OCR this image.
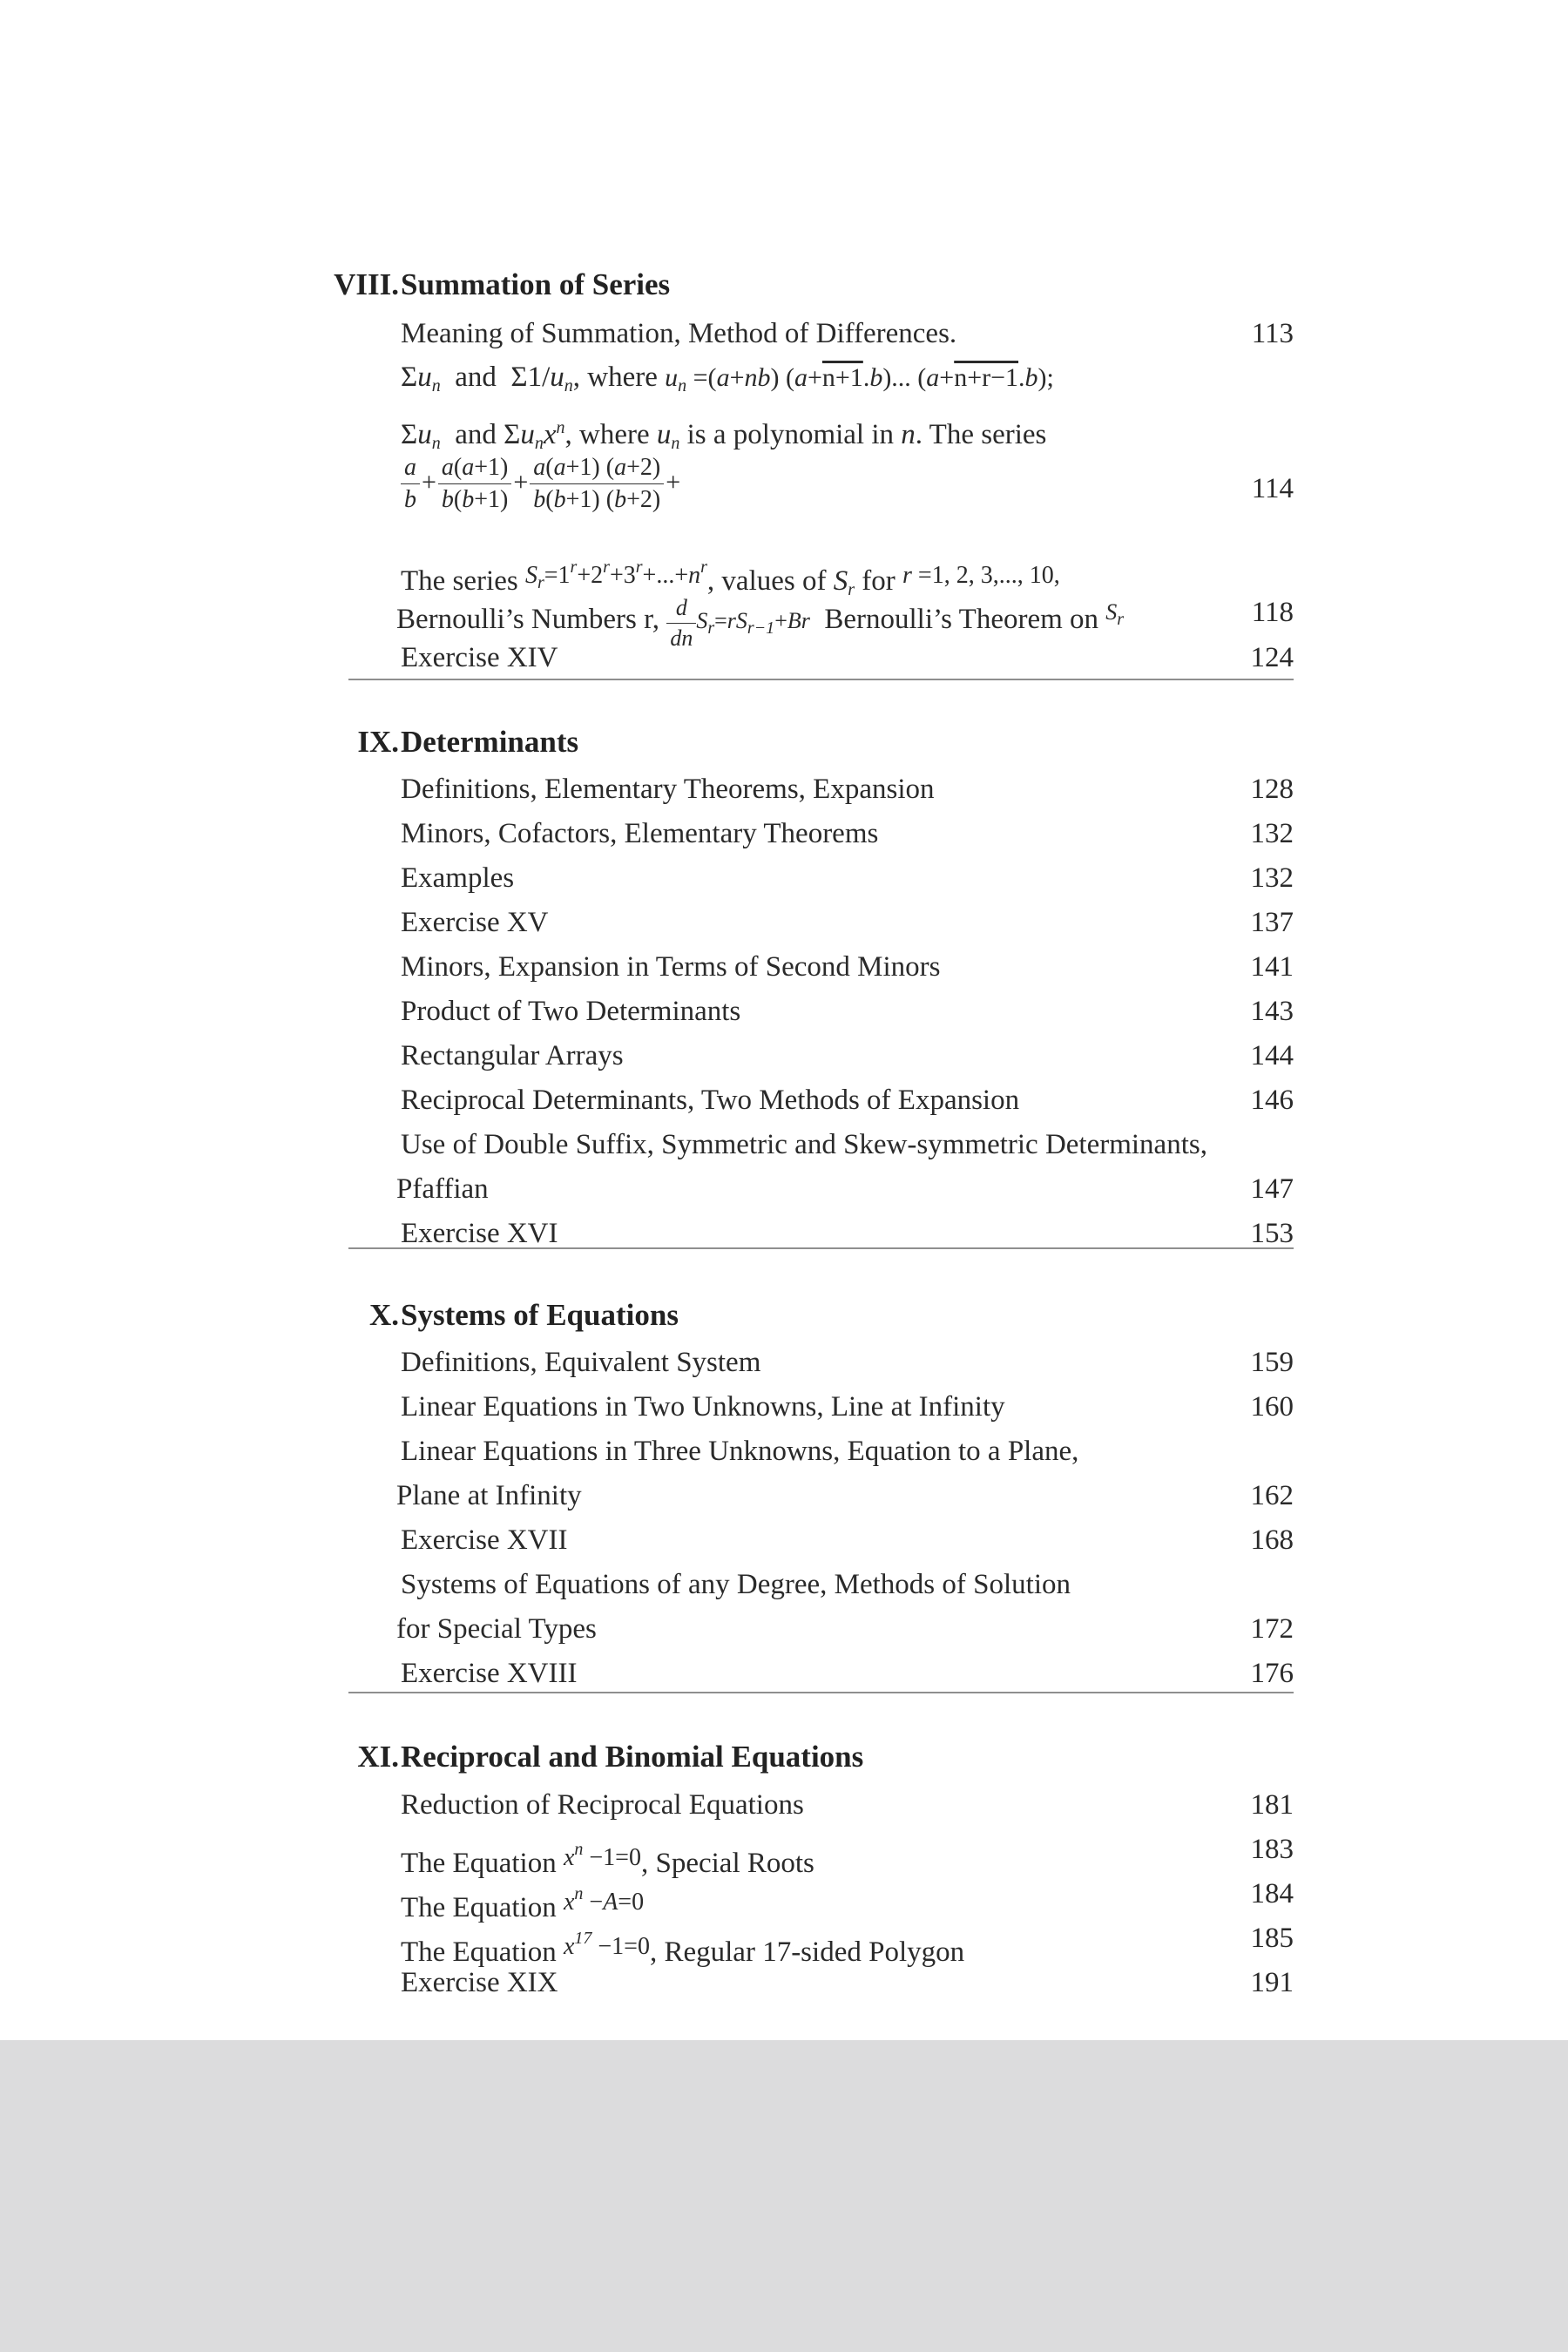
VIII. Summation of Series
Meaning of Summation, Method of Differences.	113
$\Sigma u_n$ and $\Sigma 1/u_n$, where $u_n =(a+nb)$ (a+n+1.b)... (a+n+r−1.b);
$\Sigma u_n$ and $\Sigma u_nx^n$, where $u_n$ is a polynomial in n. The series
$\frac{a}{b} + \frac{a(a+1)}{b(b+1)} + \frac{a(a+1) (a+2)}{b(b+1) (b+2)}$ +	114
The series $^{S_r=1^r+2^r+3^r+...+n^r}$, values of $S_r$ for $^{r =1, 2, 3,..., 10,}$
Bernoulli’s Numbers r, $\frac{d}{dn} S_r=rS_{r-1}+Br$ Bernoulli’s Theorem on $^{S_r}$	118
Exercise XIV	124
IX. Determinants
Definitions, Elementary Theorems, Expansion	128
Minors, Cofactors, Elementary Theorems	132
Examples	132
Exercise XV	137
Minors, Expansion in Terms of Second Minors	141
Product of Two Determinants	143
Rectangular Arrays	144
Reciprocal Determinants, Two Methods of Expansion	146
Use of Double Suffix, Symmetric and Skew-symmetric Determinants,
Pfaffian	147
Exercise XVI	153
X. Systems of Equations
Definitions, Equivalent System	159
Linear Equations in Two Unknowns, Line at Infinity	160
Linear Equations in Three Unknowns, Equation to a Plane,
Plane at Infinity	162
Exercise XVII	168
Systems of Equations of any Degree, Methods of Solution
for Special Types	172
Exercise XVIII	176
XI. Reciprocal and Binomial Equations
Reduction of Reciprocal Equations	181
The Equation $^{x^n -1=0}$, Special Roots	183
The Equation $^{x^n -A=0}$	184
The Equation $^{x^{17} -1=0}$, Regular 17-sided Polygon	185
Exercise XIX	191
